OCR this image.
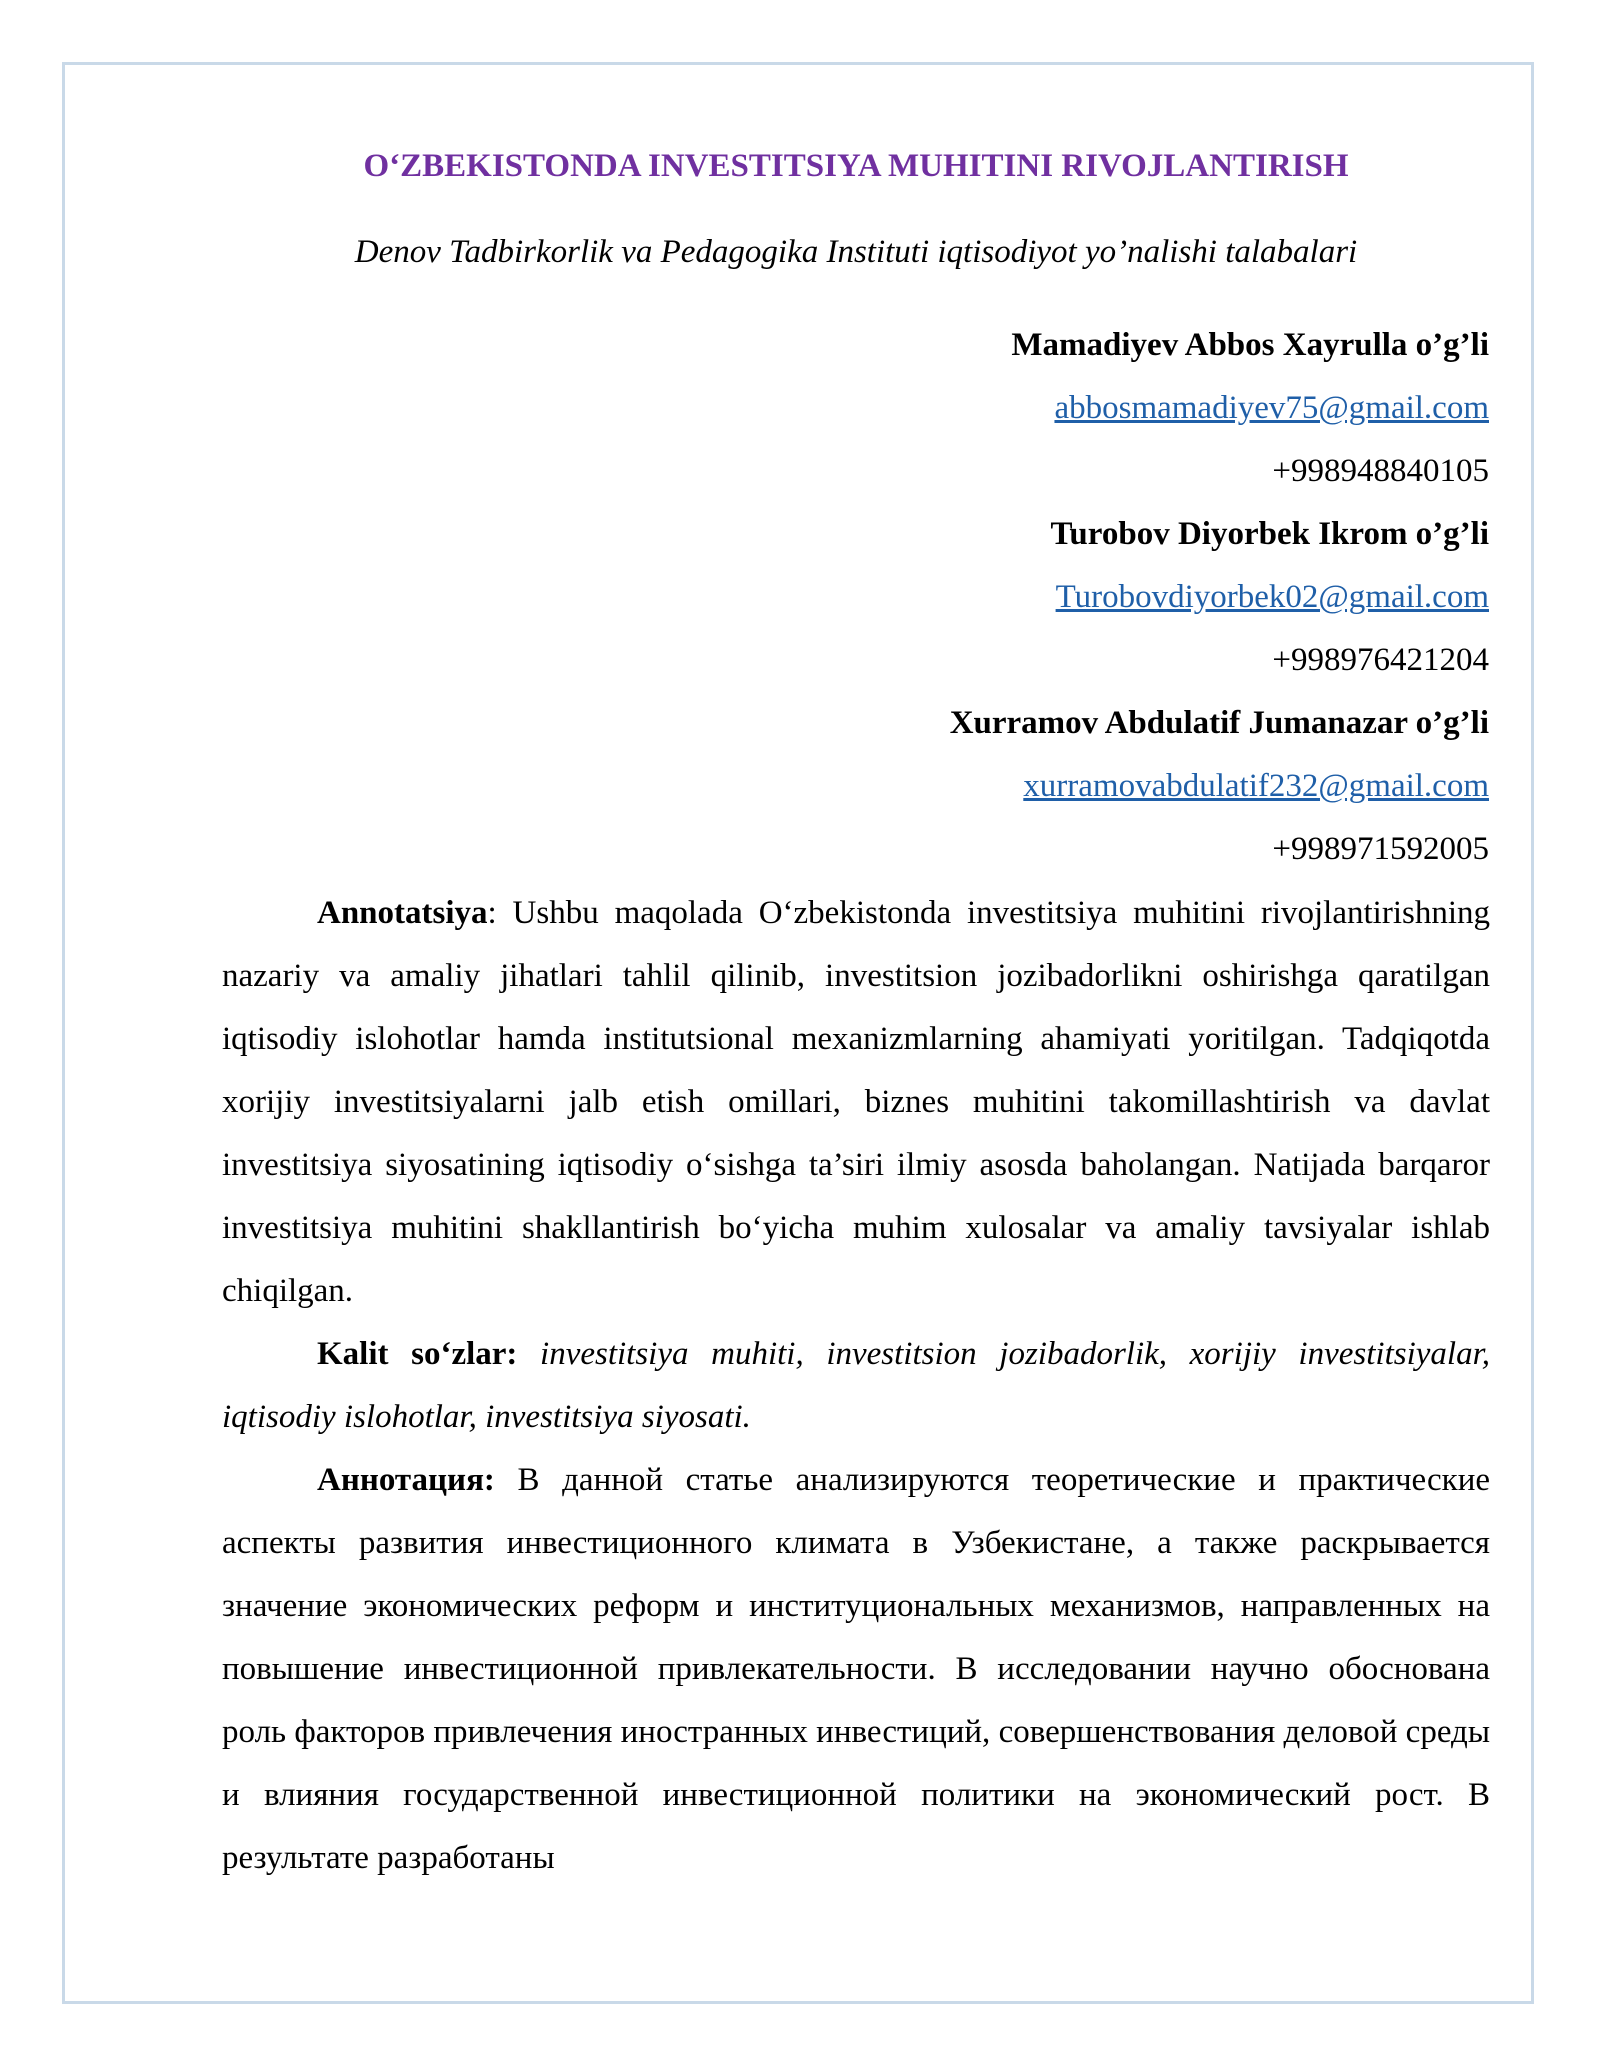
O‘ZBEKISTONDA INVESTITSIYA MUHITINI RIVOJLANTIRISH
Denov Tadbirkorlik va Pedagogika Instituti iqtisodiyot yo’nalishi talabalari
Mamadiyev Abbos Xayrulla o’g’li
abbosmamadiyev75@gmail.com
+998948840105
Turobov Diyorbek Ikrom o’g’li
Turobovdiyorbek02@gmail.com
+998976421204
Xurramov Abdulatif Jumanazar o’g’li
xurramovabdulatif232@gmail.com
+998971592005

Annotatsiya: Ushbu maqolada O‘zbekistonda investitsiya muhitini rivojlantirishning nazariy va amaliy jihatlari tahlil qilinib, investitsion jozibadorlikni oshirishga qaratilgan iqtisodiy islohotlar hamda institutsional mexanizmlarning ahamiyati yoritilgan. Tadqiqotda xorijiy investitsiyalarni jalb etish omillari, biznes muhitini takomillashtirish va davlat investitsiya siyosatining iqtisodiy o‘sishga ta’siri ilmiy asosda baholangan. Natijada barqaror investitsiya muhitini shakllantirish bo‘yicha muhim xulosalar va amaliy tavsiyalar ishlab chiqilgan.

Kalit so‘zlar: investitsiya muhiti, investitsion jozibadorlik, xorijiy investitsiyalar, iqtisodiy islohotlar, investitsiya siyosati.

Аннотация: В данной статье анализируются теоретические и практические аспекты развития инвестиционного климата в Узбекистане, а также раскрывается значение экономических реформ и институциональных механизмов, направленных на повышение инвестиционной привлекательности. В исследовании научно обоснована роль факторов привлечения иностранных инвестиций, совершенствования деловой среды и влияния государственной инвестиционной политики на экономический рост. В результате разработаны
